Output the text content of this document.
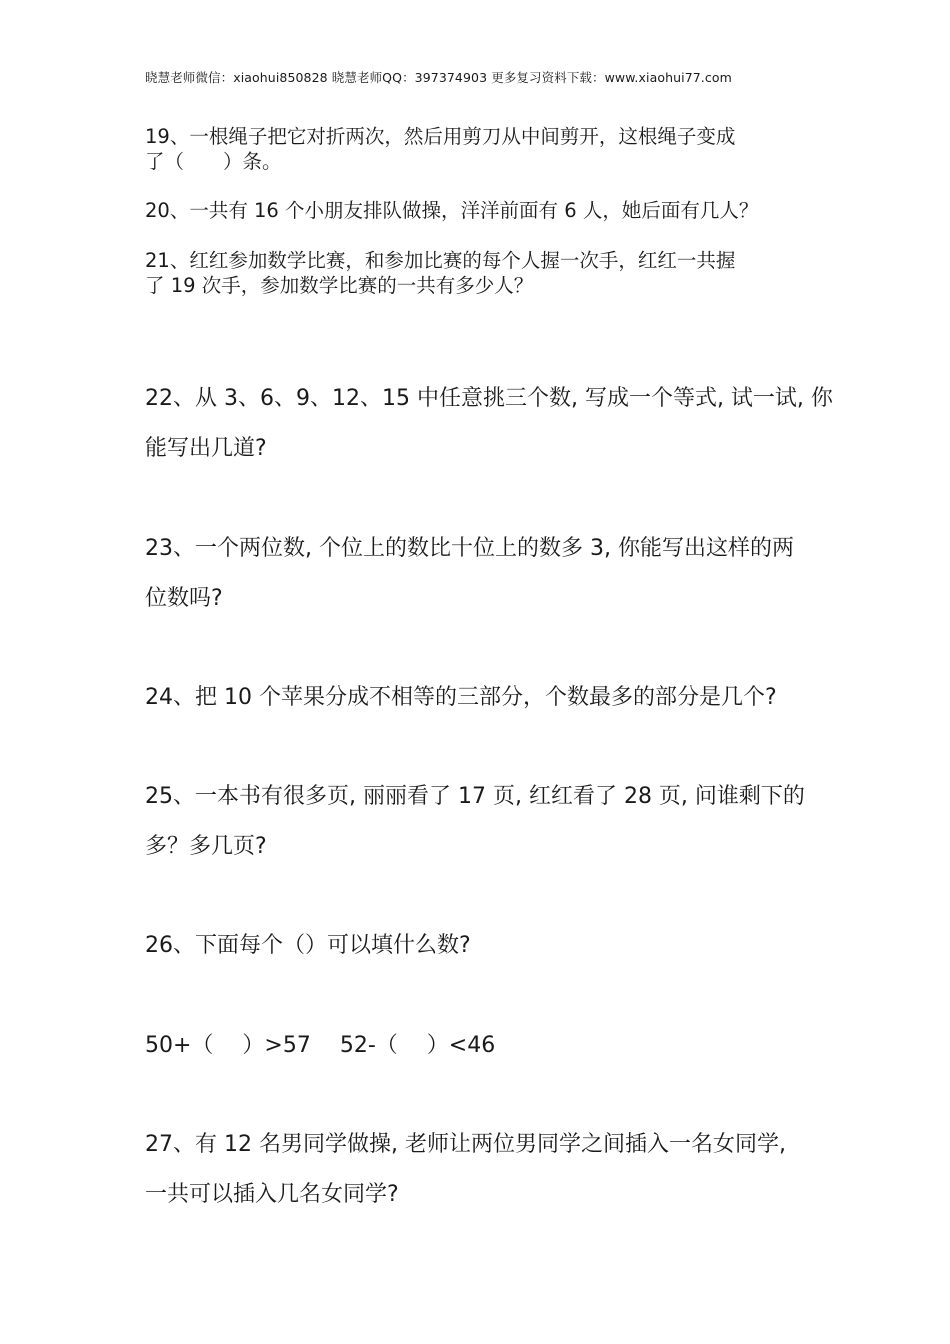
晓慧老师微信：xiaohui850828 晓慧老师QQ：397374903 更多复习资料下载：www.xiaohui77.com
19、一根绳子把它对折两次，然后用剪刀从中间剪开，这根绳子变成
了（　　）条。
20、一共有 16 个小朋友排队做操，洋洋前面有 6 人，她后面有几人？
21、红红参加数学比赛，和参加比赛的每个人握一次手，红红一共握
了 19 次手，参加数学比赛的一共有多少人？
22、从 3、6、9、12、15 中任意挑三个数, 写成一个等式, 试一试, 你
能写出几道?
23、一个两位数, 个位上的数比十位上的数多 3, 你能写出这样的两
位数吗?
24、把 10 个苹果分成不相等的三部分，个数最多的部分是几个?
25、一本书有很多页, 丽丽看了 17 页, 红红看了 28 页, 问谁剩下的
多？多几页?
26、下面每个（）可以填什么数?
50+（　 ）>57　 52-（　 ）<46
27、有 12 名男同学做操, 老师让两位男同学之间插入一名女同学,
一共可以插入几名女同学?
